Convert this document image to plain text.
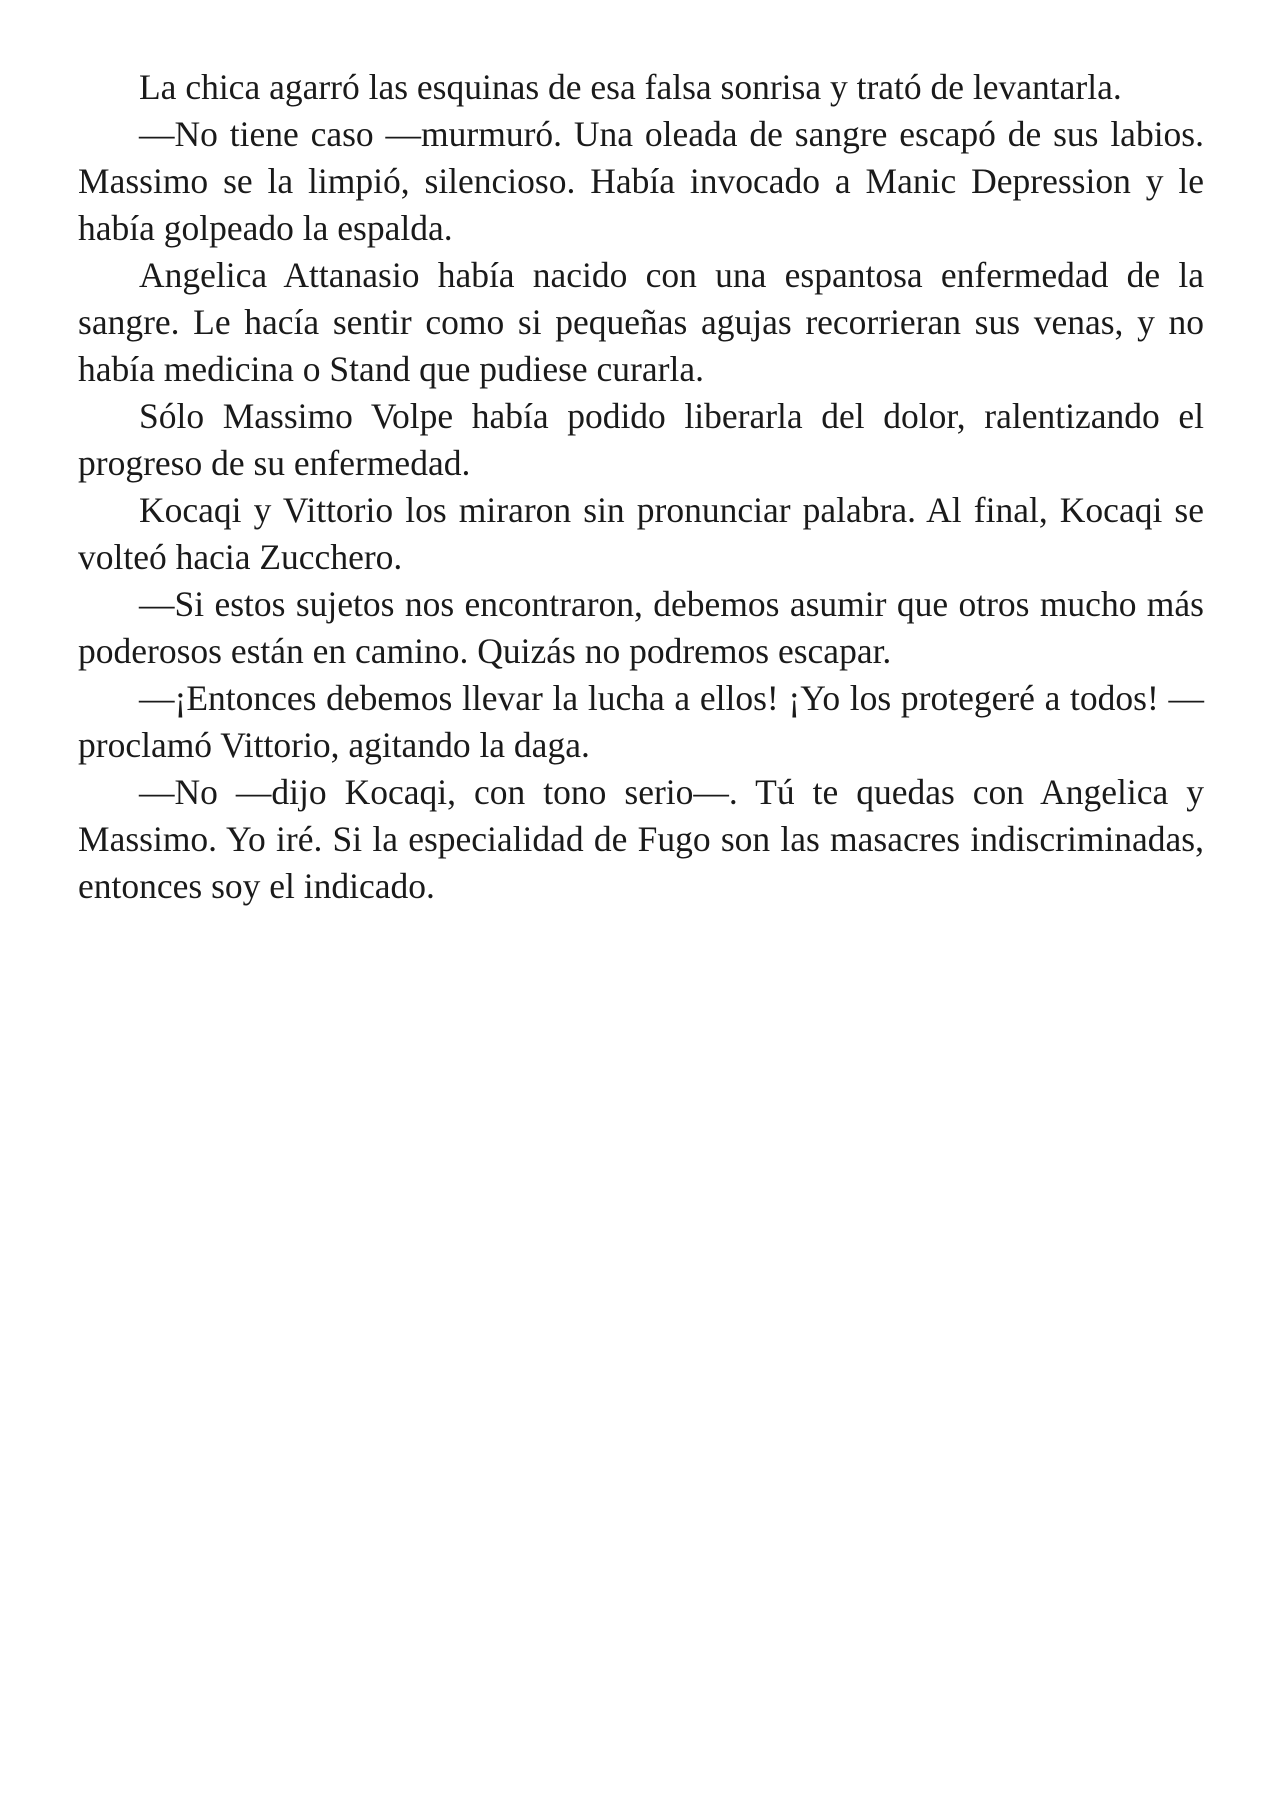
La chica agarró las esquinas de esa falsa sonrisa y trató de levantarla.

—No tiene caso —murmuró. Una oleada de sangre escapó de sus labios. Massimo se la limpió, silencioso. Había invocado a Manic Depression y le había golpeado la espalda.

Angelica Attanasio había nacido con una espantosa enfermedad de la sangre. Le hacía sentir como si pequeñas agujas recorrieran sus venas, y no había medicina o Stand que pudiese curarla.

Sólo Massimo Volpe había podido liberarla del dolor, ralentizando el progreso de su enfermedad.

Kocaqi y Vittorio los miraron sin pronunciar palabra. Al final, Kocaqi se volteó hacia Zucchero.

—Si estos sujetos nos encontraron, debemos asumir que otros mucho más poderosos están en camino. Quizás no podremos escapar.

—¡Entonces debemos llevar la lucha a ellos! ¡Yo los protegeré a todos! —proclamó Vittorio, agitando la daga.

—No —dijo Kocaqi, con tono serio—. Tú te quedas con Angelica y Massimo. Yo iré. Si la especialidad de Fugo son las masacres indiscriminadas, entonces soy el indicado.
